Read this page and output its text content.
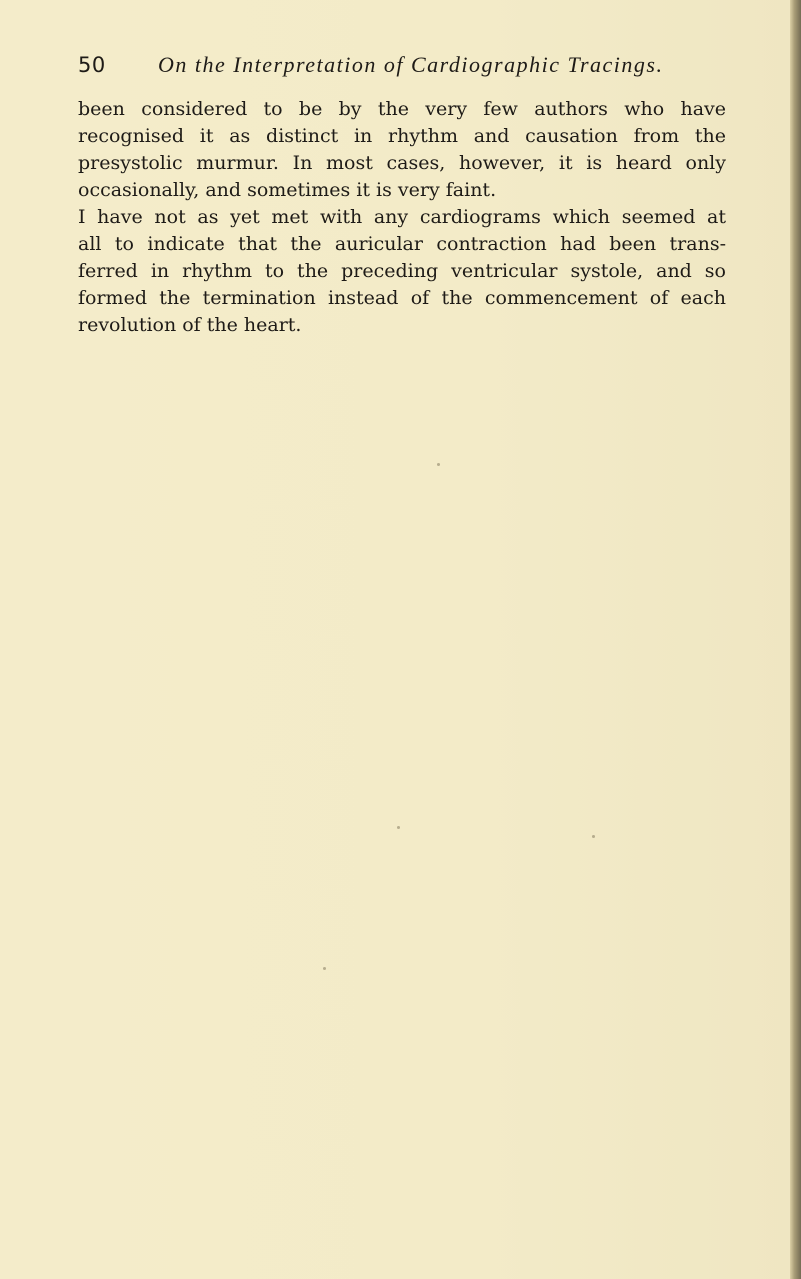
50 On the Interpretation of Cardiographic Tracings.
been considered to be by the very few authors who have
recognised it as distinct in rhythm and causation from the
presystolic murmur. In most cases, however, it is heard only
occasionally, and sometimes it is very faint.
I have not as yet met with any cardiograms which seemed at
all to indicate that the auricular contraction had been trans-
ferred in rhythm to the preceding ventricular systole, and so
formed the termination instead of the commencement of each
revolution of the heart.
